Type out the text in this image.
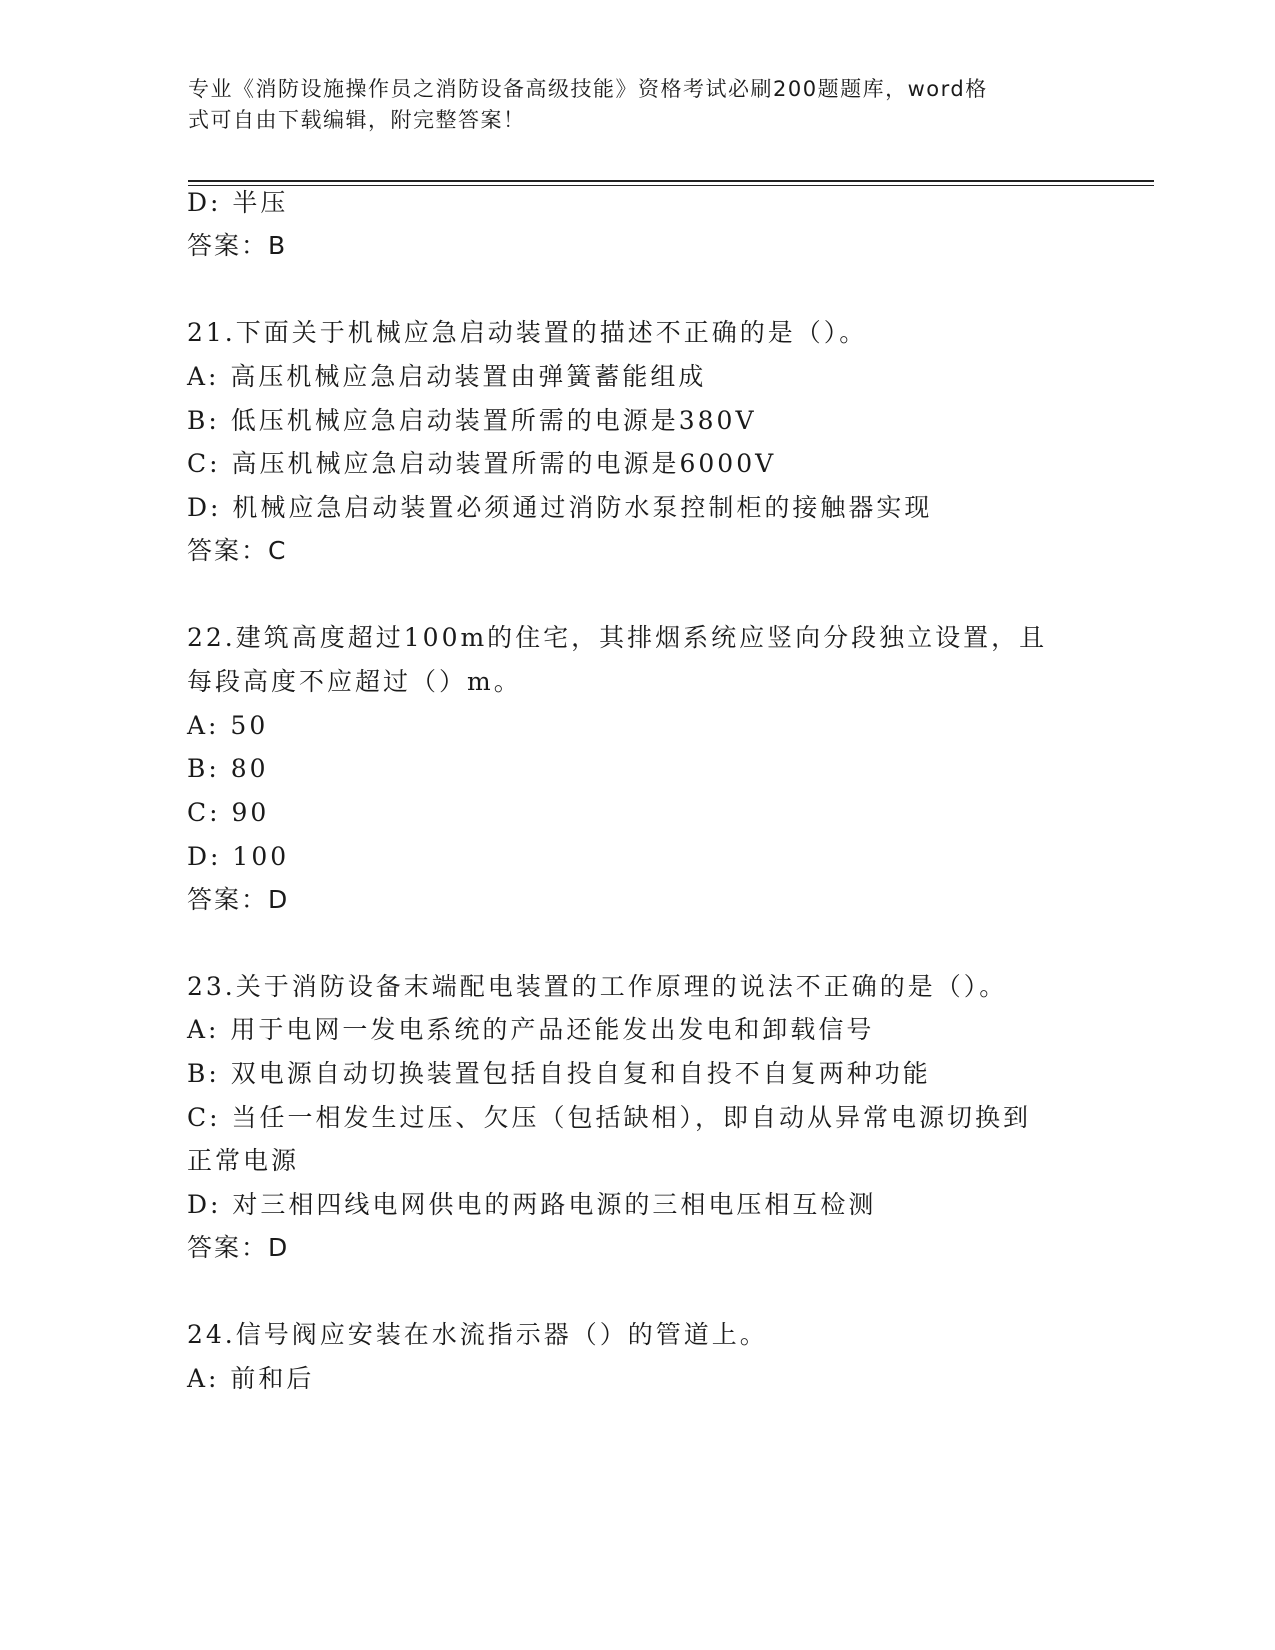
专业《消防设施操作员之消防设备高级技能》资格考试必刷200题题库，word格
式可自由下载编辑，附完整答案！
D: 半压
答案：B
21.下面关于机械应急启动装置的描述不正确的是（）。
A: 高压机械应急启动装置由弹簧蓄能组成
B: 低压机械应急启动装置所需的电源是380V
C: 高压机械应急启动装置所需的电源是6000V
D: 机械应急启动装置必须通过消防水泵控制柜的接触器实现
答案：C
22.建筑高度超过100m的住宅，其排烟系统应竖向分段独立设置，且
每段高度不应超过（）m。
A: 50
B: 80
C: 90
D: 100
答案：D
23.关于消防设备末端配电装置的工作原理的说法不正确的是（）。
A: 用于电网一发电系统的产品还能发出发电和卸载信号
B: 双电源自动切换装置包括自投自复和自投不自复两种功能
C: 当任一相发生过压、欠压（包括缺相），即自动从异常电源切换到
正常电源
D: 对三相四线电网供电的两路电源的三相电压相互检测
答案：D
24.信号阀应安装在水流指示器（）的管道上。
A: 前和后
